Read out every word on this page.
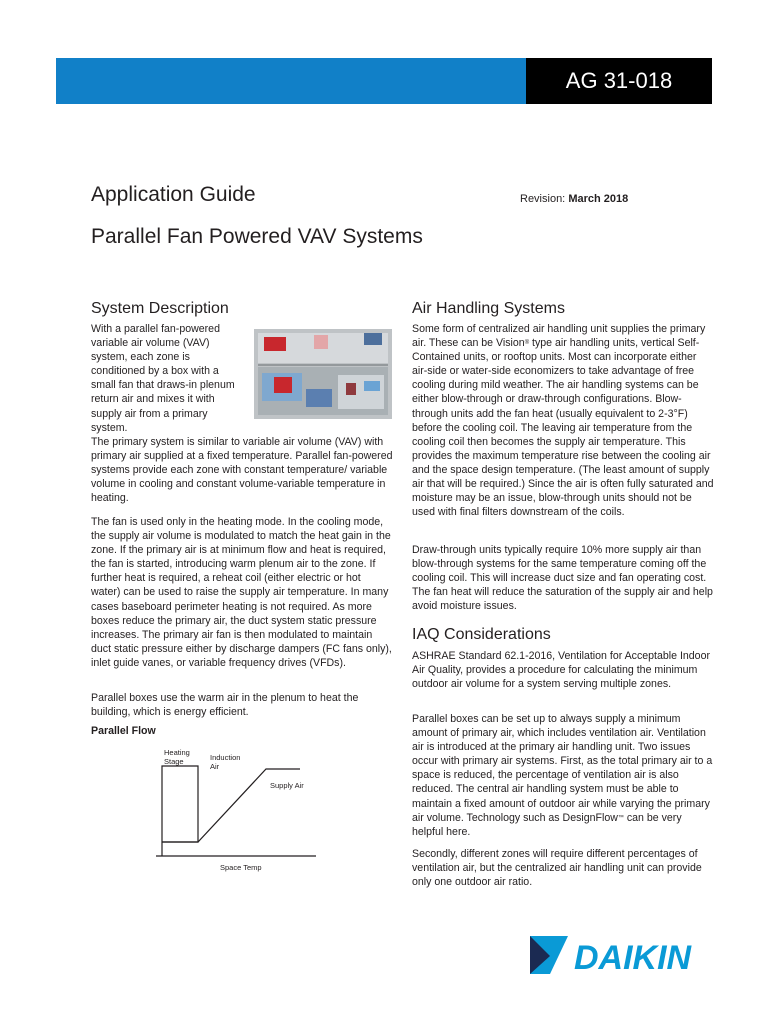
AG 31-018
Application Guide	Revision: March 2018
Parallel Fan Powered VAV Systems
System Description
With a parallel fan-powered variable air volume (VAV) system, each zone is conditioned by a box with a small fan that draws-in plenum return air and mixes it with supply air from a primary system.
The primary system is similar to variable air volume (VAV) with primary air supplied at a fixed temperature. Parallel fan-powered systems provide each zone with constant temperature/ variable volume in cooling and constant volume-variable temperature in heating.
The fan is used only in the heating mode. In the cooling mode, the supply air volume is modulated to match the heat gain in the zone. If the primary air is at minimum flow and heat is required, the fan is started, introducing warm plenum air to the zone. If further heat is required, a reheat coil (either electric or hot water) can be used to raise the supply air temperature. In many cases baseboard perimeter heating is not required. As more boxes reduce the primary air, the duct system static pressure increases. The primary air fan is then modulated to maintain duct static pressure either by discharge dampers (FC fans only), inlet guide vanes, or variable frequency drives (VFDs).
Parallel boxes use the warm air in the plenum to heat the building, which is energy efficient.
Parallel Flow
Heating
Stage	Induction
Air
Supply Air
Space Temp
Air Handling Systems
Some form of centralized air handling unit supplies the primary air. These can be Vision® type air handling units, vertical Self-Contained units, or rooftop units. Most can incorporate either air-side or water-side economizers to take advantage of free cooling during mild weather. The air handling systems can be either blow-through or draw-through configurations. Blow-through units add the fan heat (usually equivalent to 2-3°F) before the cooling coil. The leaving air temperature from the cooling coil then becomes the supply air temperature. This provides the maximum temperature rise between the cooling air and the space design temperature. (The least amount of supply air that will be required.) Since the air is often fully saturated and moisture may be an issue, blow-through units should not be used with final filters downstream of the coils.
Draw-through units typically require 10% more supply air than blow-through systems for the same temperature coming off the cooling coil. This will increase duct size and fan operating cost. The fan heat will reduce the saturation of the supply air and help avoid moisture issues.
IAQ Considerations
ASHRAE Standard 62.1-2016, Ventilation for Acceptable Indoor Air Quality, provides a procedure for calculating the minimum outdoor air volume for a system serving multiple zones.
Parallel boxes can be set up to always supply a minimum amount of primary air, which includes ventilation air. Ventilation air is introduced at the primary air handling unit. Two issues occur with primary air systems. First, as the total primary air to a space is reduced, the percentage of ventilation air is also reduced. The central air handling system must be able to maintain a fixed amount of outdoor air while varying the primary air volume. Technology such as DesignFlow™ can be very helpful here.
Secondly, different zones will require different percentages of ventilation air, but the centralized air handling unit can provide only one outdoor air ratio.
DAIKIN
